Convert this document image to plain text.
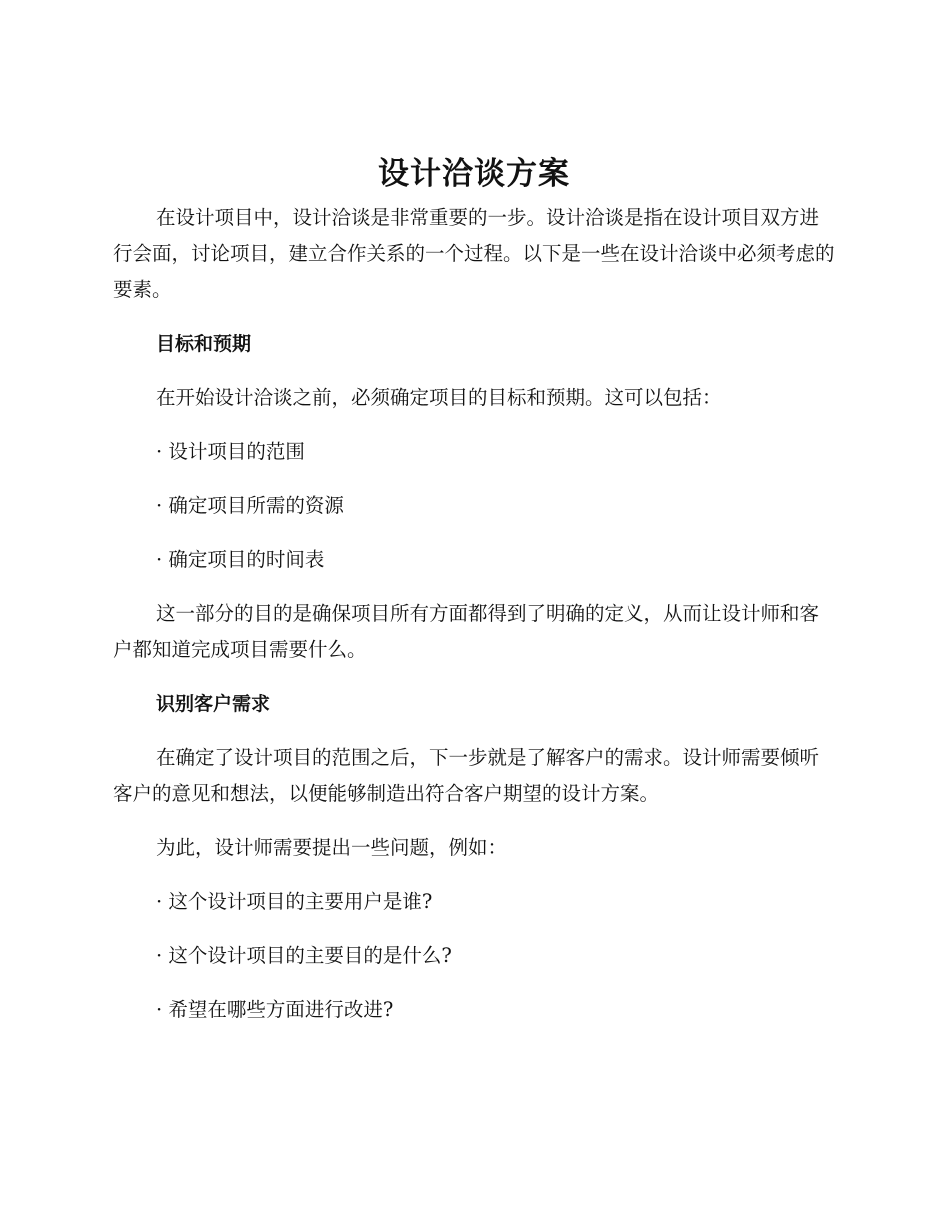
设计洽谈方案

在设计项目中，设计洽谈是非常重要的一步。设计洽谈是指在设计项目双方进行会面，讨论项目，建立合作关系的一个过程。以下是一些在设计洽谈中必须考虑的要素。

目标和预期

在开始设计洽谈之前，必须确定项目的目标和预期。这可以包括：

· 设计项目的范围

· 确定项目所需的资源

· 确定项目的时间表

这一部分的目的是确保项目所有方面都得到了明确的定义，从而让设计师和客户都知道完成项目需要什么。

识别客户需求

在确定了设计项目的范围之后，下一步就是了解客户的需求。设计师需要倾听客户的意见和想法，以便能够制造出符合客户期望的设计方案。

为此，设计师需要提出一些问题，例如：

· 这个设计项目的主要用户是谁?

· 这个设计项目的主要目的是什么?

· 希望在哪些方面进行改进?
